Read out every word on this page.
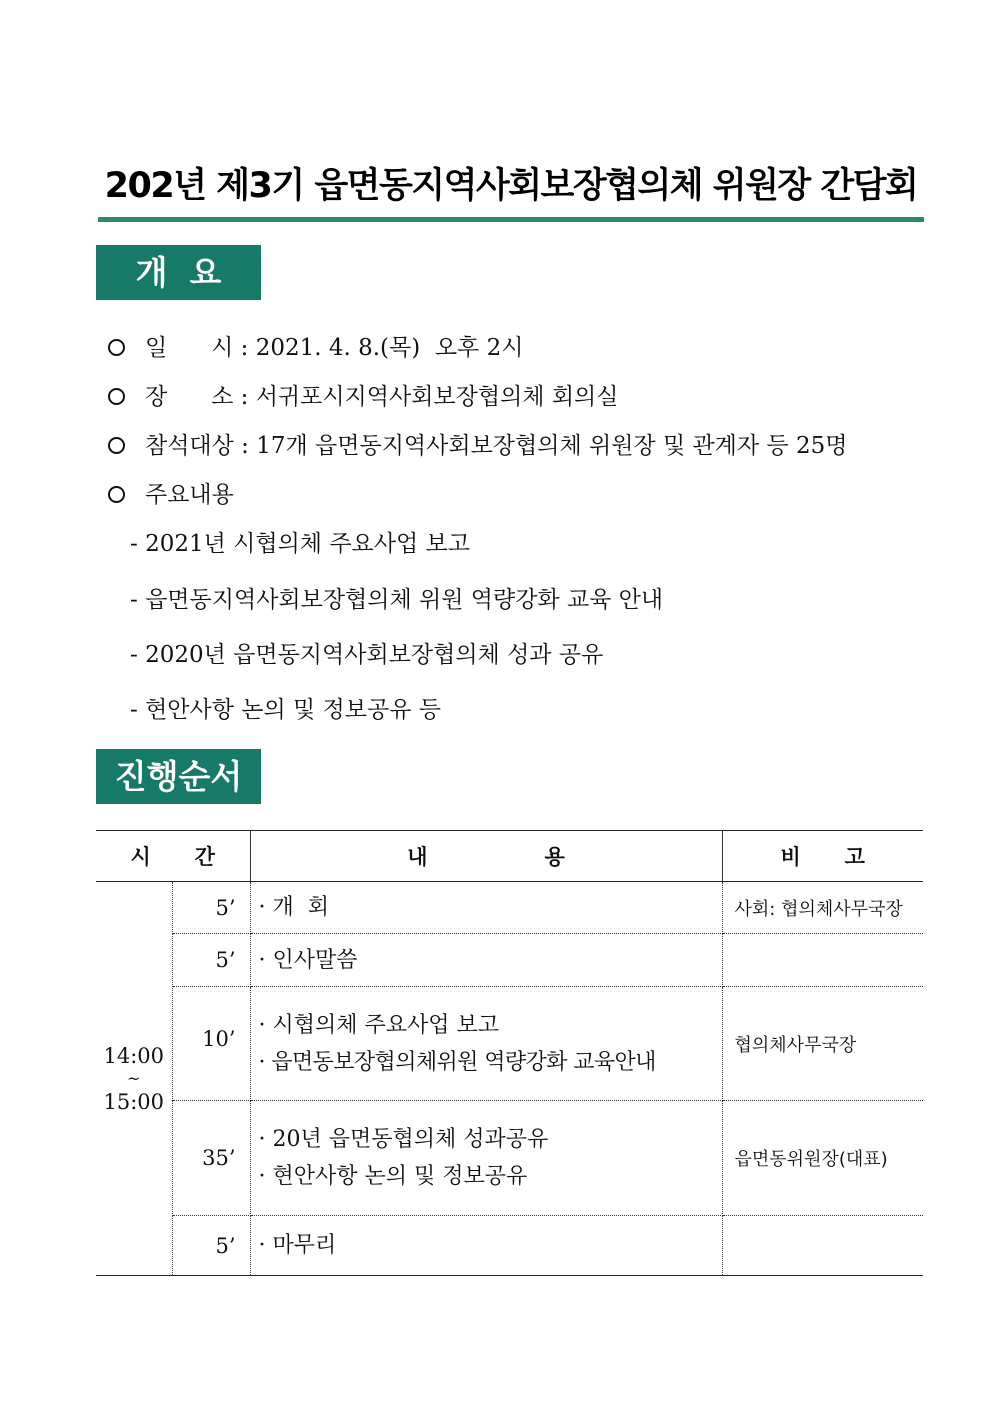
202년 제3기 읍면동지역사회보장협의체 위원장 간담회
개요
일      시 : 2021. 4. 8.(목)  오후 2시
장      소 : 서귀포시지역사회보장협의체 회의실
참석대상 : 17개 읍면동지역사회보장협의체 위원장 및 관계자 등 25명
주요내용
- 2021년 시협의체 주요사업 보고
- 읍면동지역사회보장협의체 위원 역량강화 교육 안내
- 2020년 읍면동지역사회보장협의체 성과 공유
- 현안사항 논의 및 정보공유 등
진행순서
시      간		내                용	비      고

14:00
~
15:00	5’	· 개  회	사회: 협의체사무국장
	5’	· 인사말씀	

	10’	· 시협의체 주요사업 보고
· 읍면동보장협의체위원 역량강화 교육안내	협의체사무국장
	35’	· 20년 읍면동협의체 성과공유
· 현안사항 논의 및 정보공유	읍면동위원장(대표)
	5’	· 마무리	
